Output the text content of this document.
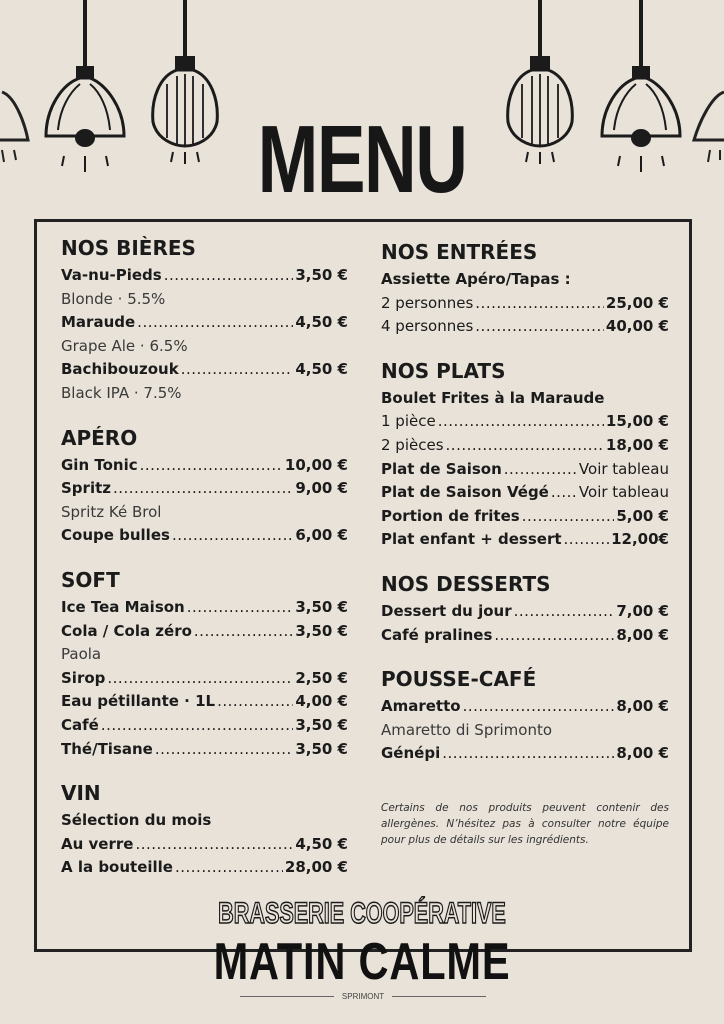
MENU
NOS BIÈRES
Va-nu-Pieds .....	3,50 €
Blonde · 5.5%
Maraude .....	4,50 €
Grape Ale · 6.5%
Bachibouzouk .....	4,50 €
Black IPA · 7.5%
APÉRO
Gin Tonic .....	10,00 €
Spritz .....	9,00 €
Spritz Ké Brol
Coupe bulles .....	6,00 €
SOFT
Ice Tea Maison .....	3,50 €
Cola / Cola zéro .....	3,50 €
Paola
Sirop .....	2,50 €
Eau pétillante · 1L .....	4,00 €
Café .....	3,50 €
Thé/Tisane .....	3,50 €
VIN
Sélection du mois
Au verre .....	4,50 €
A la bouteille .....	28,00 €
NOS ENTRÉES
Assiette Apéro/Tapas :
2 personnes .....	25,00 €
4 personnes .....	40,00 €
NOS PLATS
Boulet Frites à la Maraude
1 pièce .....	15,00 €
2 pièces .....	18,00 €
Plat de Saison .....	Voir tableau
Plat de Saison Végé ..... Voir tableau
Portion de frites .....	5,00 €
Plat enfant + dessert .....	12,00€
NOS DESSERTS
Dessert du jour .....	7,00 €
Café pralines .....	8,00 €
POUSSE-CAFÉ
Amaretto .....	8,00 €
Amaretto di Sprimonto
Génépi .....	8,00 €
Certains de nos produits peuvent contenir des allergènes. N’hésitez pas à consulter notre équipe pour plus de détails sur les ingrédients.
BRASSERIE COOPÉRATIVE
MATIN CALME
SPRIMONT
